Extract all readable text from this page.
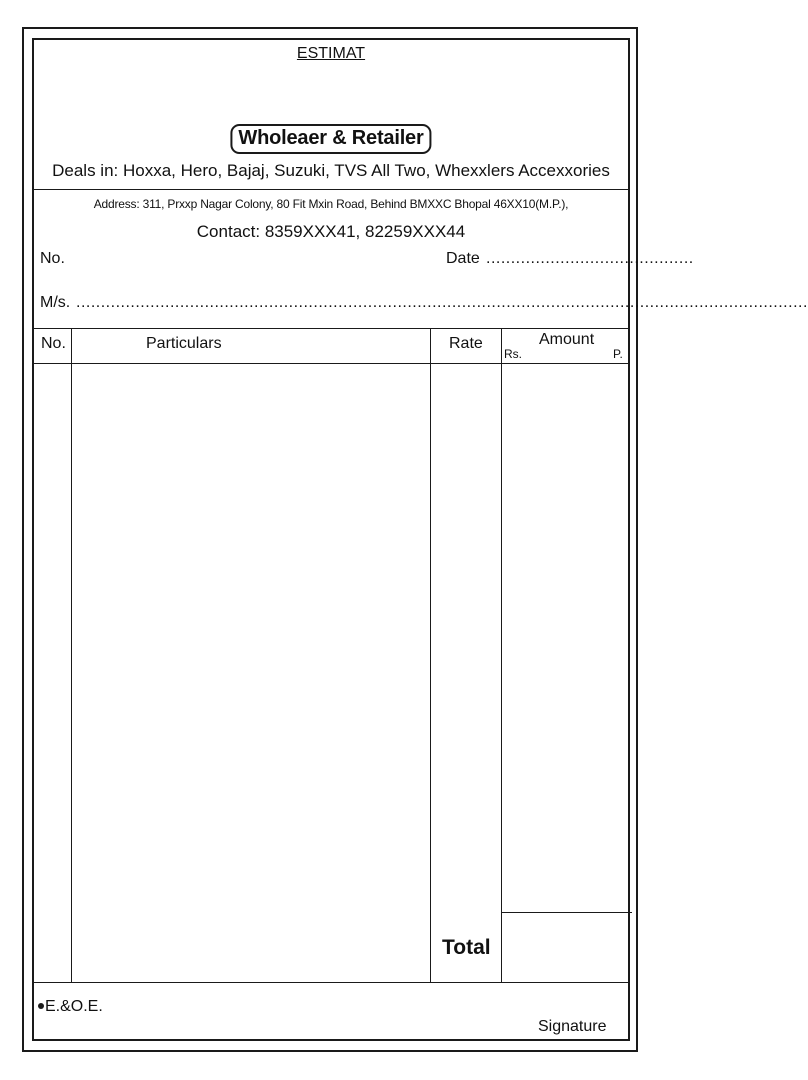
ESTIMAT
Wholeaer & Retailer
Deals in: Hoxxa, Hero, Bajaj, Suzuki, TVS All Two, Whexxlers Accexxories
Address: 311, Prxxp Nagar Colony, 80 Fit Mxin Road, Behind BMXXC Bhopal 46XX10(M.P.),
Contact: 8359XXX41, 82259XXX44
No.	Date ..........................................
M/s. ....................................................................................................................................................
No.	Particulars	Rate	Amount
Rs.	P.
Total
E.&O.E.
Signature
